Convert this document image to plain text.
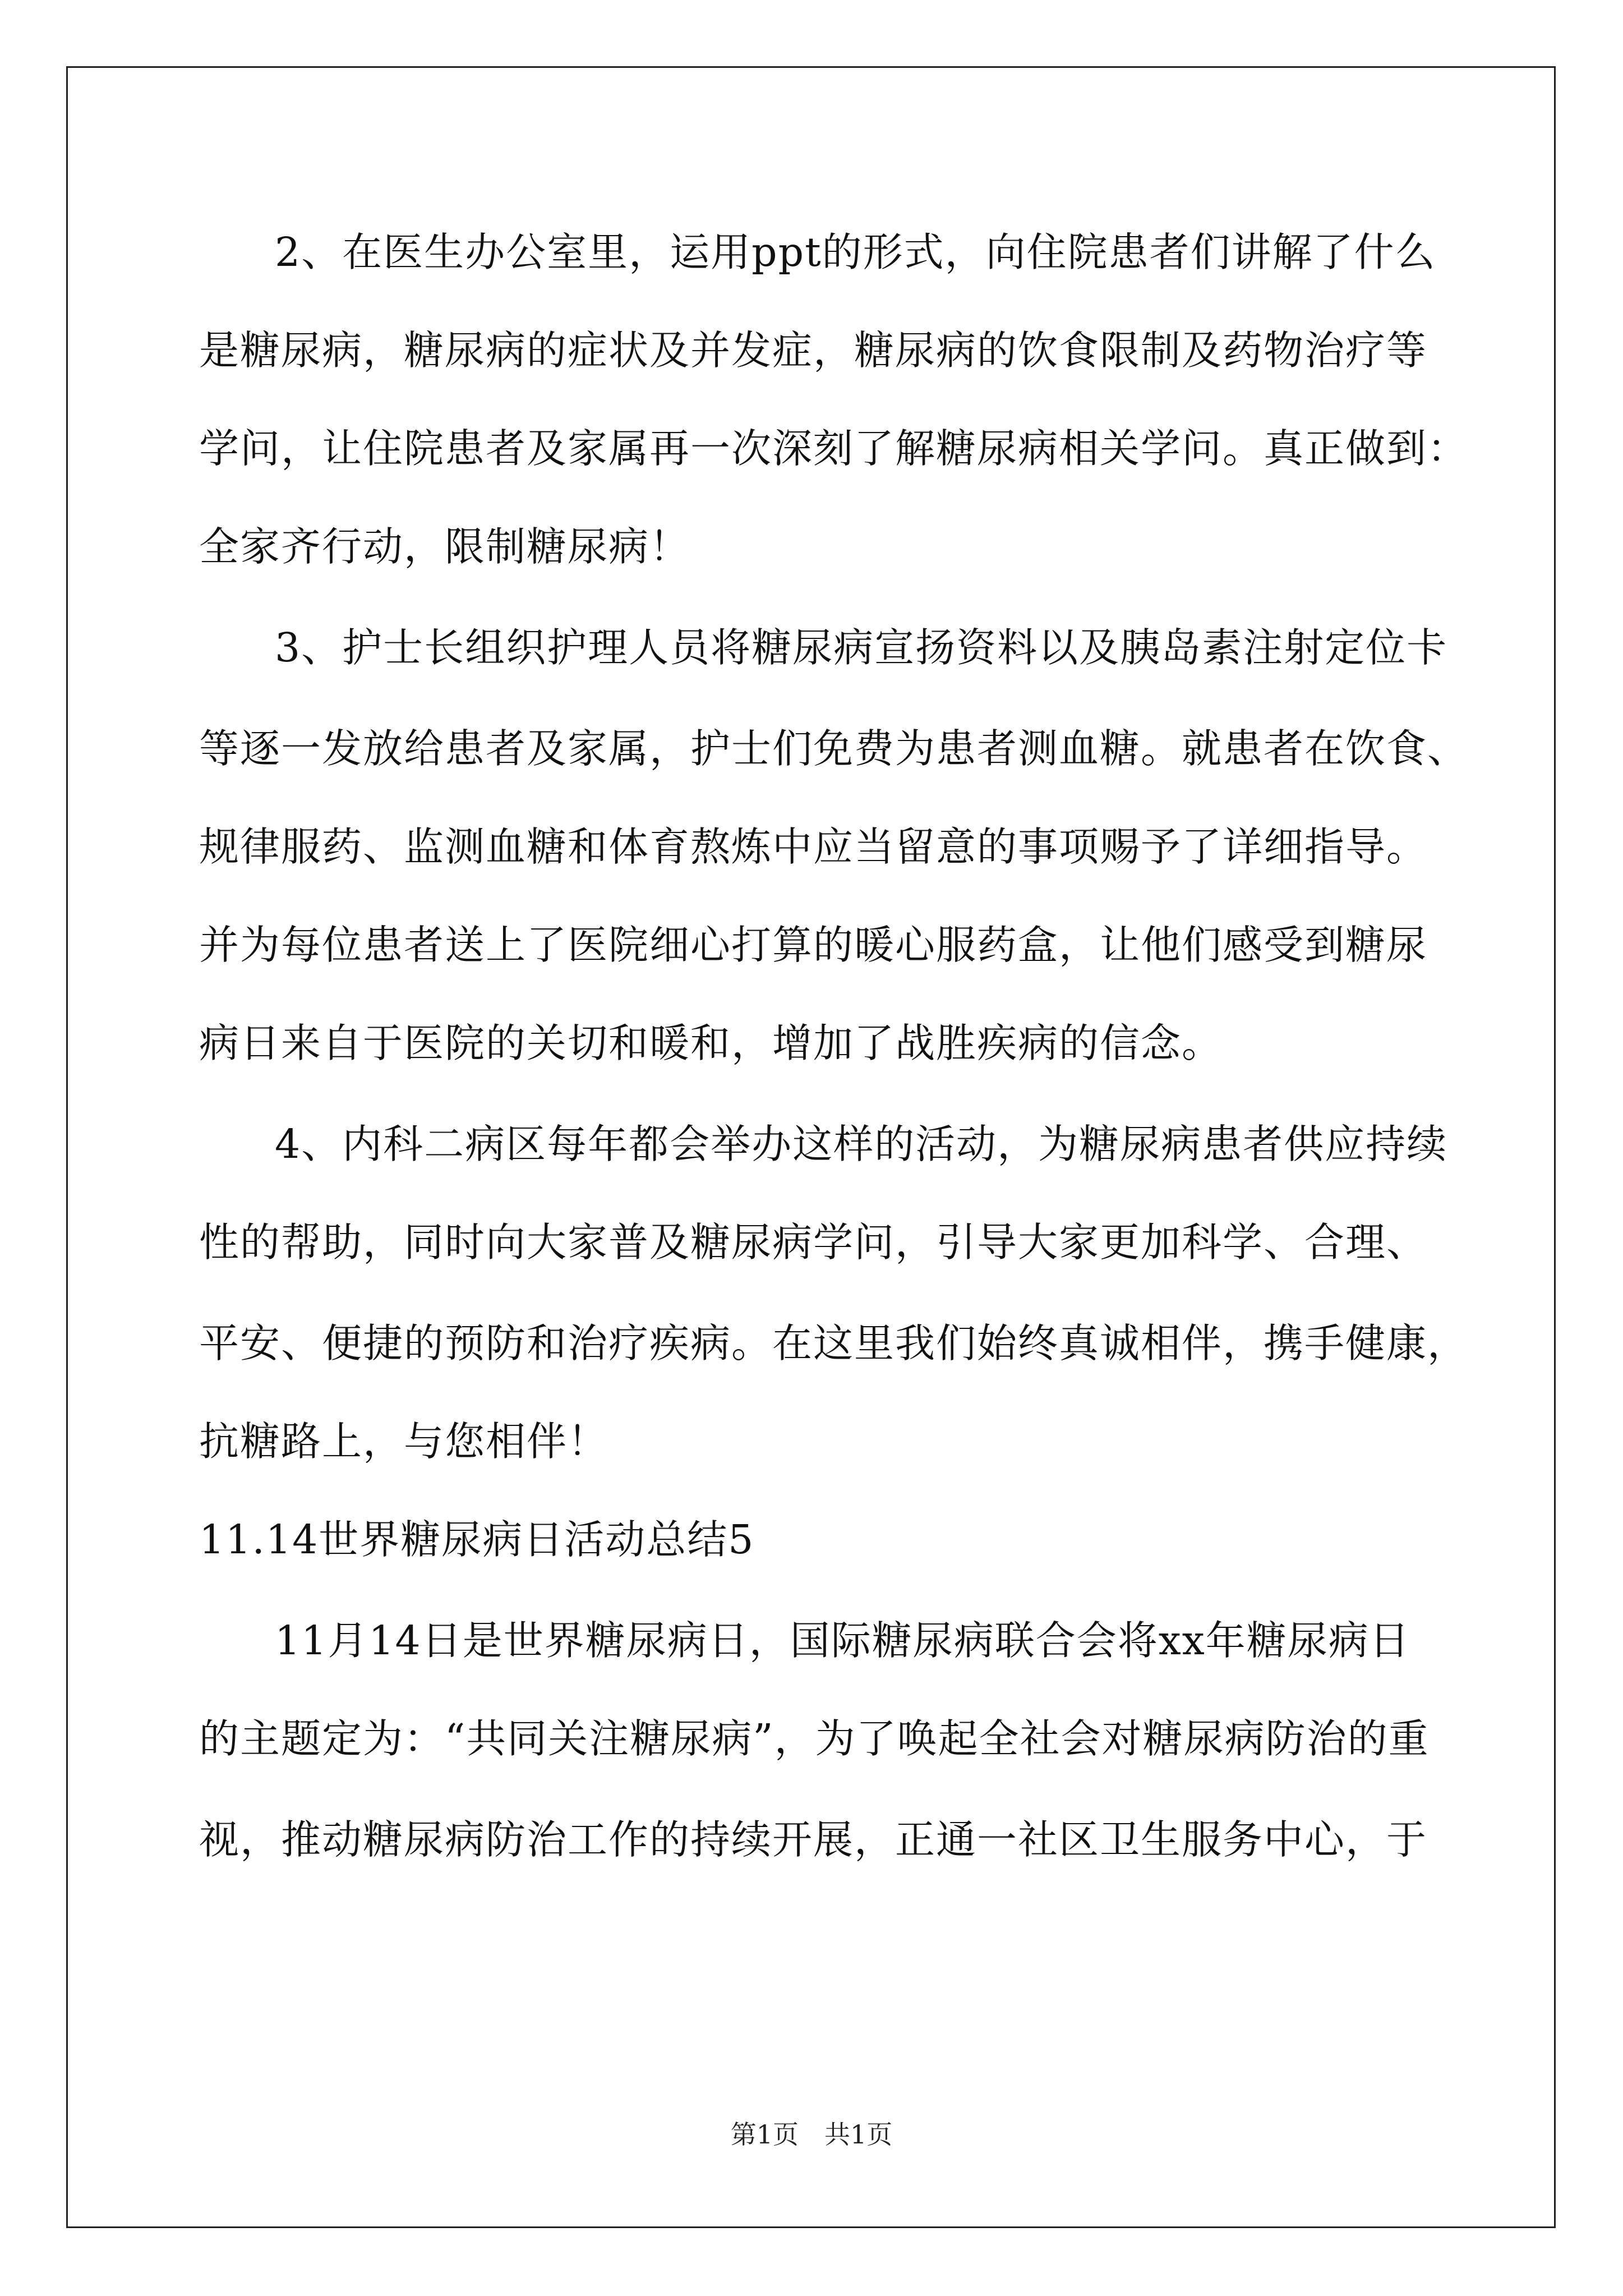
2、在医生办公室里，运用ppt的形式，向住院患者们讲解了什么
是糖尿病，糖尿病的症状及并发症，糖尿病的饮食限制及药物治疗等
学问，让住院患者及家属再一次深刻了解糖尿病相关学问。真正做到：
全家齐行动，限制糖尿病！
3、护士长组织护理人员将糖尿病宣扬资料以及胰岛素注射定位卡
等逐一发放给患者及家属，护士们免费为患者测血糖。就患者在饮食、
规律服药、监测血糖和体育熬炼中应当留意的事项赐予了详细指导。
并为每位患者送上了医院细心打算的暖心服药盒，让他们感受到糖尿
病日来自于医院的关切和暖和，增加了战胜疾病的信念。
4、内科二病区每年都会举办这样的活动，为糖尿病患者供应持续
性的帮助，同时向大家普及糖尿病学问，引导大家更加科学、合理、
平安、便捷的预防和治疗疾病。在这里我们始终真诚相伴，携手健康，
抗糖路上，与您相伴！
11.14世界糖尿病日活动总结5
11月14日是世界糖尿病日，国际糖尿病联合会将xx年糖尿病日
的主题定为：“共同关注糖尿病”，为了唤起全社会对糖尿病防治的重
视，推动糖尿病防治工作的持续开展，正通一社区卫生服务中心，于
第1页　共1页
